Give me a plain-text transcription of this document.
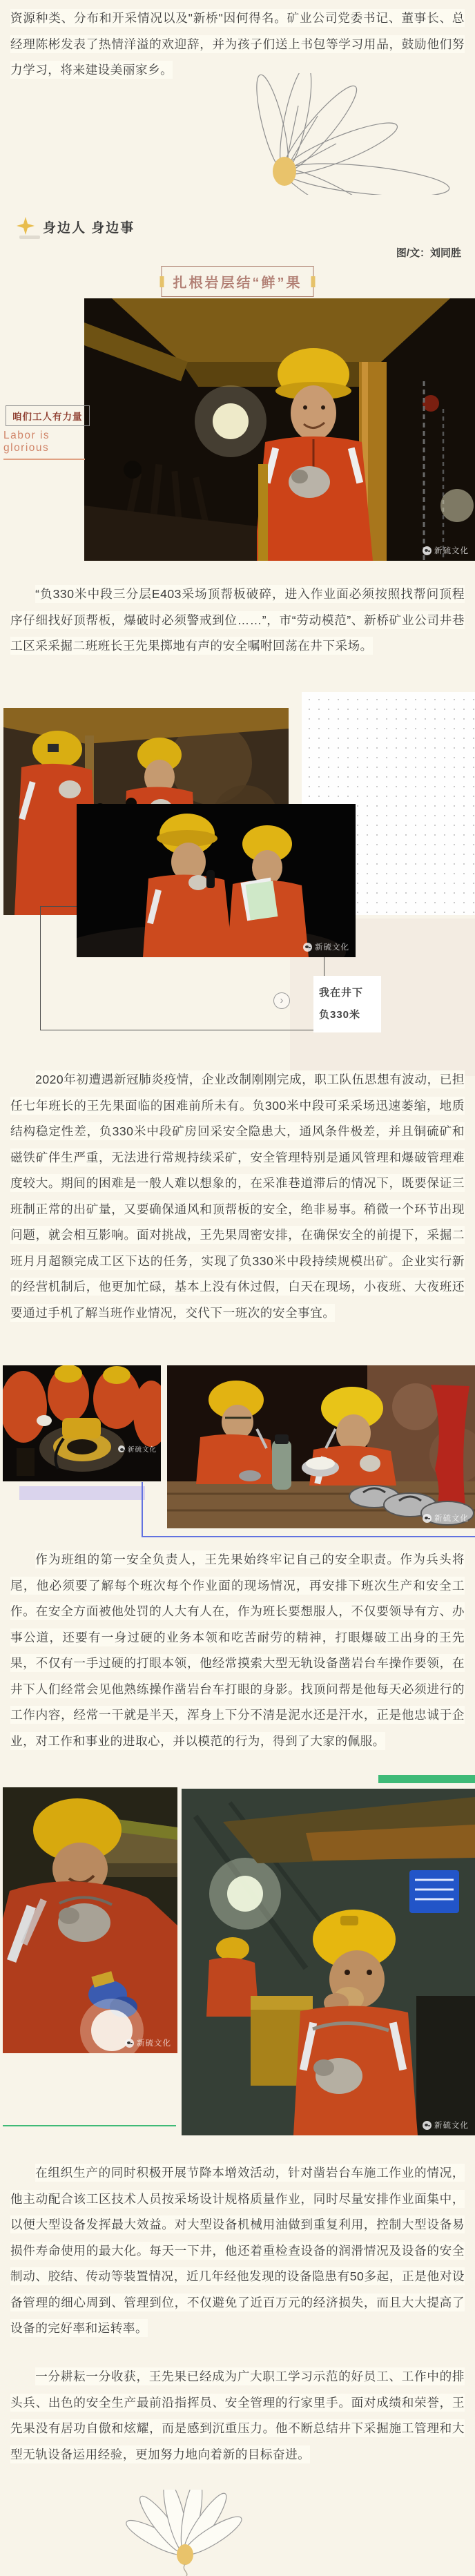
资源种类、分布和开采情况以及"新桥"因何得名。矿业公司党委书记、董事长、总经理陈彬发表了热情洋溢的欢迎辞，并为孩子们送上书包等学习用品，鼓励他们努力学习，将来建设美丽家乡。

身边人 身边事
图/文：刘同胜
扎根岩层结“鲜”果
新硫文化
咱们工人有力量
Labor is glorious

“负330米中段三分层E403采场顶帮板破碎，进入作业面必须按照找帮问顶程序仔细找好顶帮板，爆破时必须警戒到位……”，市“劳动模范”、新桥矿业公司井巷工区采采掘二班班长王先果掷地有声的安全嘱咐回荡在井下采场。

新硫文化
›
我在井下
负330米

2020年初遭遇新冠肺炎疫情，企业改制刚刚完成，职工队伍思想有波动，已担任七年班长的王先果面临的困难前所未有。负300米中段可采采场迅速萎缩，地质结构稳定性差，负330米中段矿房回采安全隐患大，通风条件极差，并且铜硫矿和磁铁矿伴生严重，无法进行常规持续采矿，安全管理特别是通风管理和爆破管理难度较大。期间的困难是一般人难以想象的，在采准巷道滞后的情况下，既要保证三班制正常的出矿量，又要确保通风和顶帮板的安全，绝非易事。稍微一个环节出现问题，就会相互影响。面对挑战，王先果周密安排，在确保安全的前提下，采掘二班月月超额完成工区下达的任务，实现了负330米中段持续规模出矿。企业实行新的经营机制后，他更加忙碌，基本上没有休过假，白天在现场，小夜班、大夜班还要通过手机了解当班作业情况，交代下一班次的安全事宜。

新硫文化
新硫文化

作为班组的第一安全负责人，王先果始终牢记自己的安全职责。作为兵头将尾，他必须要了解每个班次每个作业面的现场情况，再安排下班次生产和安全工作。在安全方面被他处罚的人大有人在，作为班长要想服人，不仅要领导有方、办事公道，还要有一身过硬的业务本领和吃苦耐劳的精神，打眼爆破工出身的王先果，不仅有一手过硬的打眼本领，他经常摸索大型无轨设备凿岩台车操作要领，在井下人们经常会见他熟练操作凿岩台车打眼的身影。找顶问帮是他每天必须进行的工作内容，经常一干就是半天，浑身上下分不清是泥水还是汗水，正是他忠诚于企业，对工作和事业的进取心，并以模范的行为，得到了大家的佩服。

新硫文化
新硫文化

在组织生产的同时积极开展节降本增效活动，针对凿岩台车施工作业的情况，他主动配合该工区技术人员按采场设计规格质量作业，同时尽量安排作业面集中，以便大型设备发挥最大效益。对大型设备机械用油做到重复利用，控制大型设备易损件寿命使用的最大化。每天一下井，他还着重检查设备的润滑情况及设备的安全制动、胶结、传动等装置情况，近几年经他发现的设备隐患有50多起，正是他对设备管理的细心周到、管理到位，不仅避免了近百万元的经济损失，而且大大提高了设备的完好率和运转率。

一分耕耘一分收获，王先果已经成为广大职工学习示范的好员工、工作中的排头兵、出色的安全生产最前沿指挥员、安全管理的行家里手。面对成绩和荣誉，王先果没有居功自傲和炫耀，而是感到沉重压力。他不断总结井下采掘施工管理和大型无轨设备运用经验，更加努力地向着新的目标奋进。
